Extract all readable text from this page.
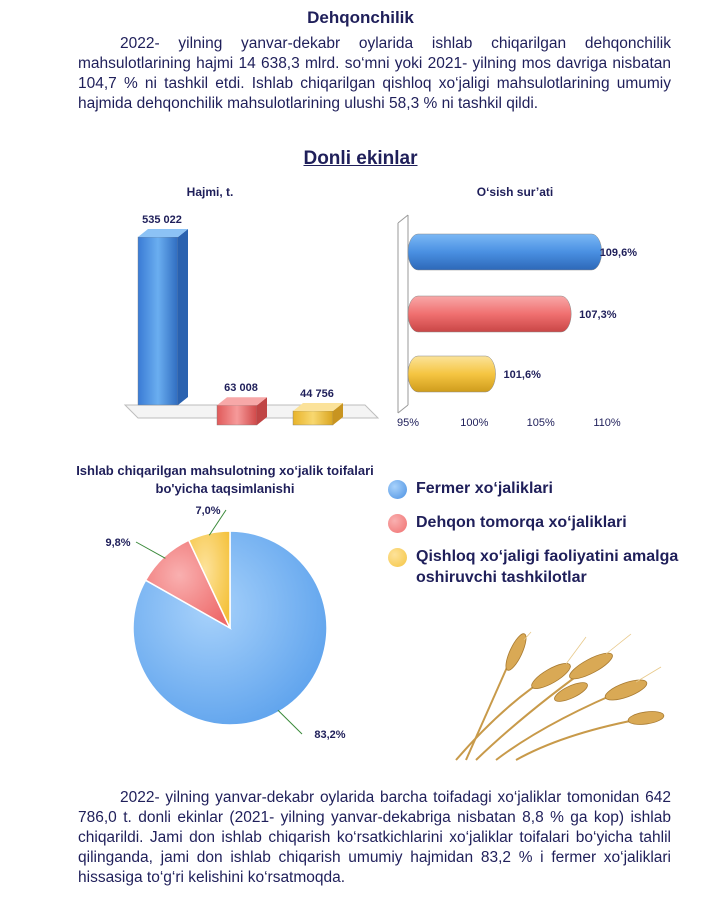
Dehqonchilik
2022- yilning yanvar-dekabr oylarida ishlab chiqarilgan dehqonchilik mahsulotlarining hajmi 14 638,3 mlrd. so‘mni yoki 2021- yilning mos davriga nisbatan 104,7 % ni tashkil etdi. Ishlab chiqarilgan qishloq xo‘jaligi mahsulotlarining umumiy hajmida dehqonchilik mahsulotlarining ulushi 58,3 % ni tashkil qildi.
Donli ekinlar
Hajmi, t.	O‘sish sur’ati
Ishlab chiqarilgan mahsulotning xo‘jalik toifalari bo'yicha taqsimlanishi
535 022
63 008	44 756
109,6%
107,3%
101,6%
95%	100%	105%	110%
83,2%
9,8%
7,0%
Fermer xo‘jaliklari
Dehqon tomorqa xo‘jaliklari
Qishloq xo‘jaligi faoliyatini amalga oshiruvchi tashkilotlar
2022- yilning yanvar-dekabr oylarida barcha toifadagi xo‘jaliklar tomonidan 642 786,0 t. donli ekinlar (2021- yilning yanvar-dekabriga nisbatan 8,8 % ga kop) ishlab chiqarildi. Jami don ishlab chiqarish ko‘rsatkichlarini xo‘jaliklar toifalari bo‘yicha tahlil qilinganda, jami don ishlab chiqarish umumiy hajmidan 83,2 % i fermer xo‘jaliklari hissasiga to‘g‘ri kelishini ko‘rsatmoqda.
